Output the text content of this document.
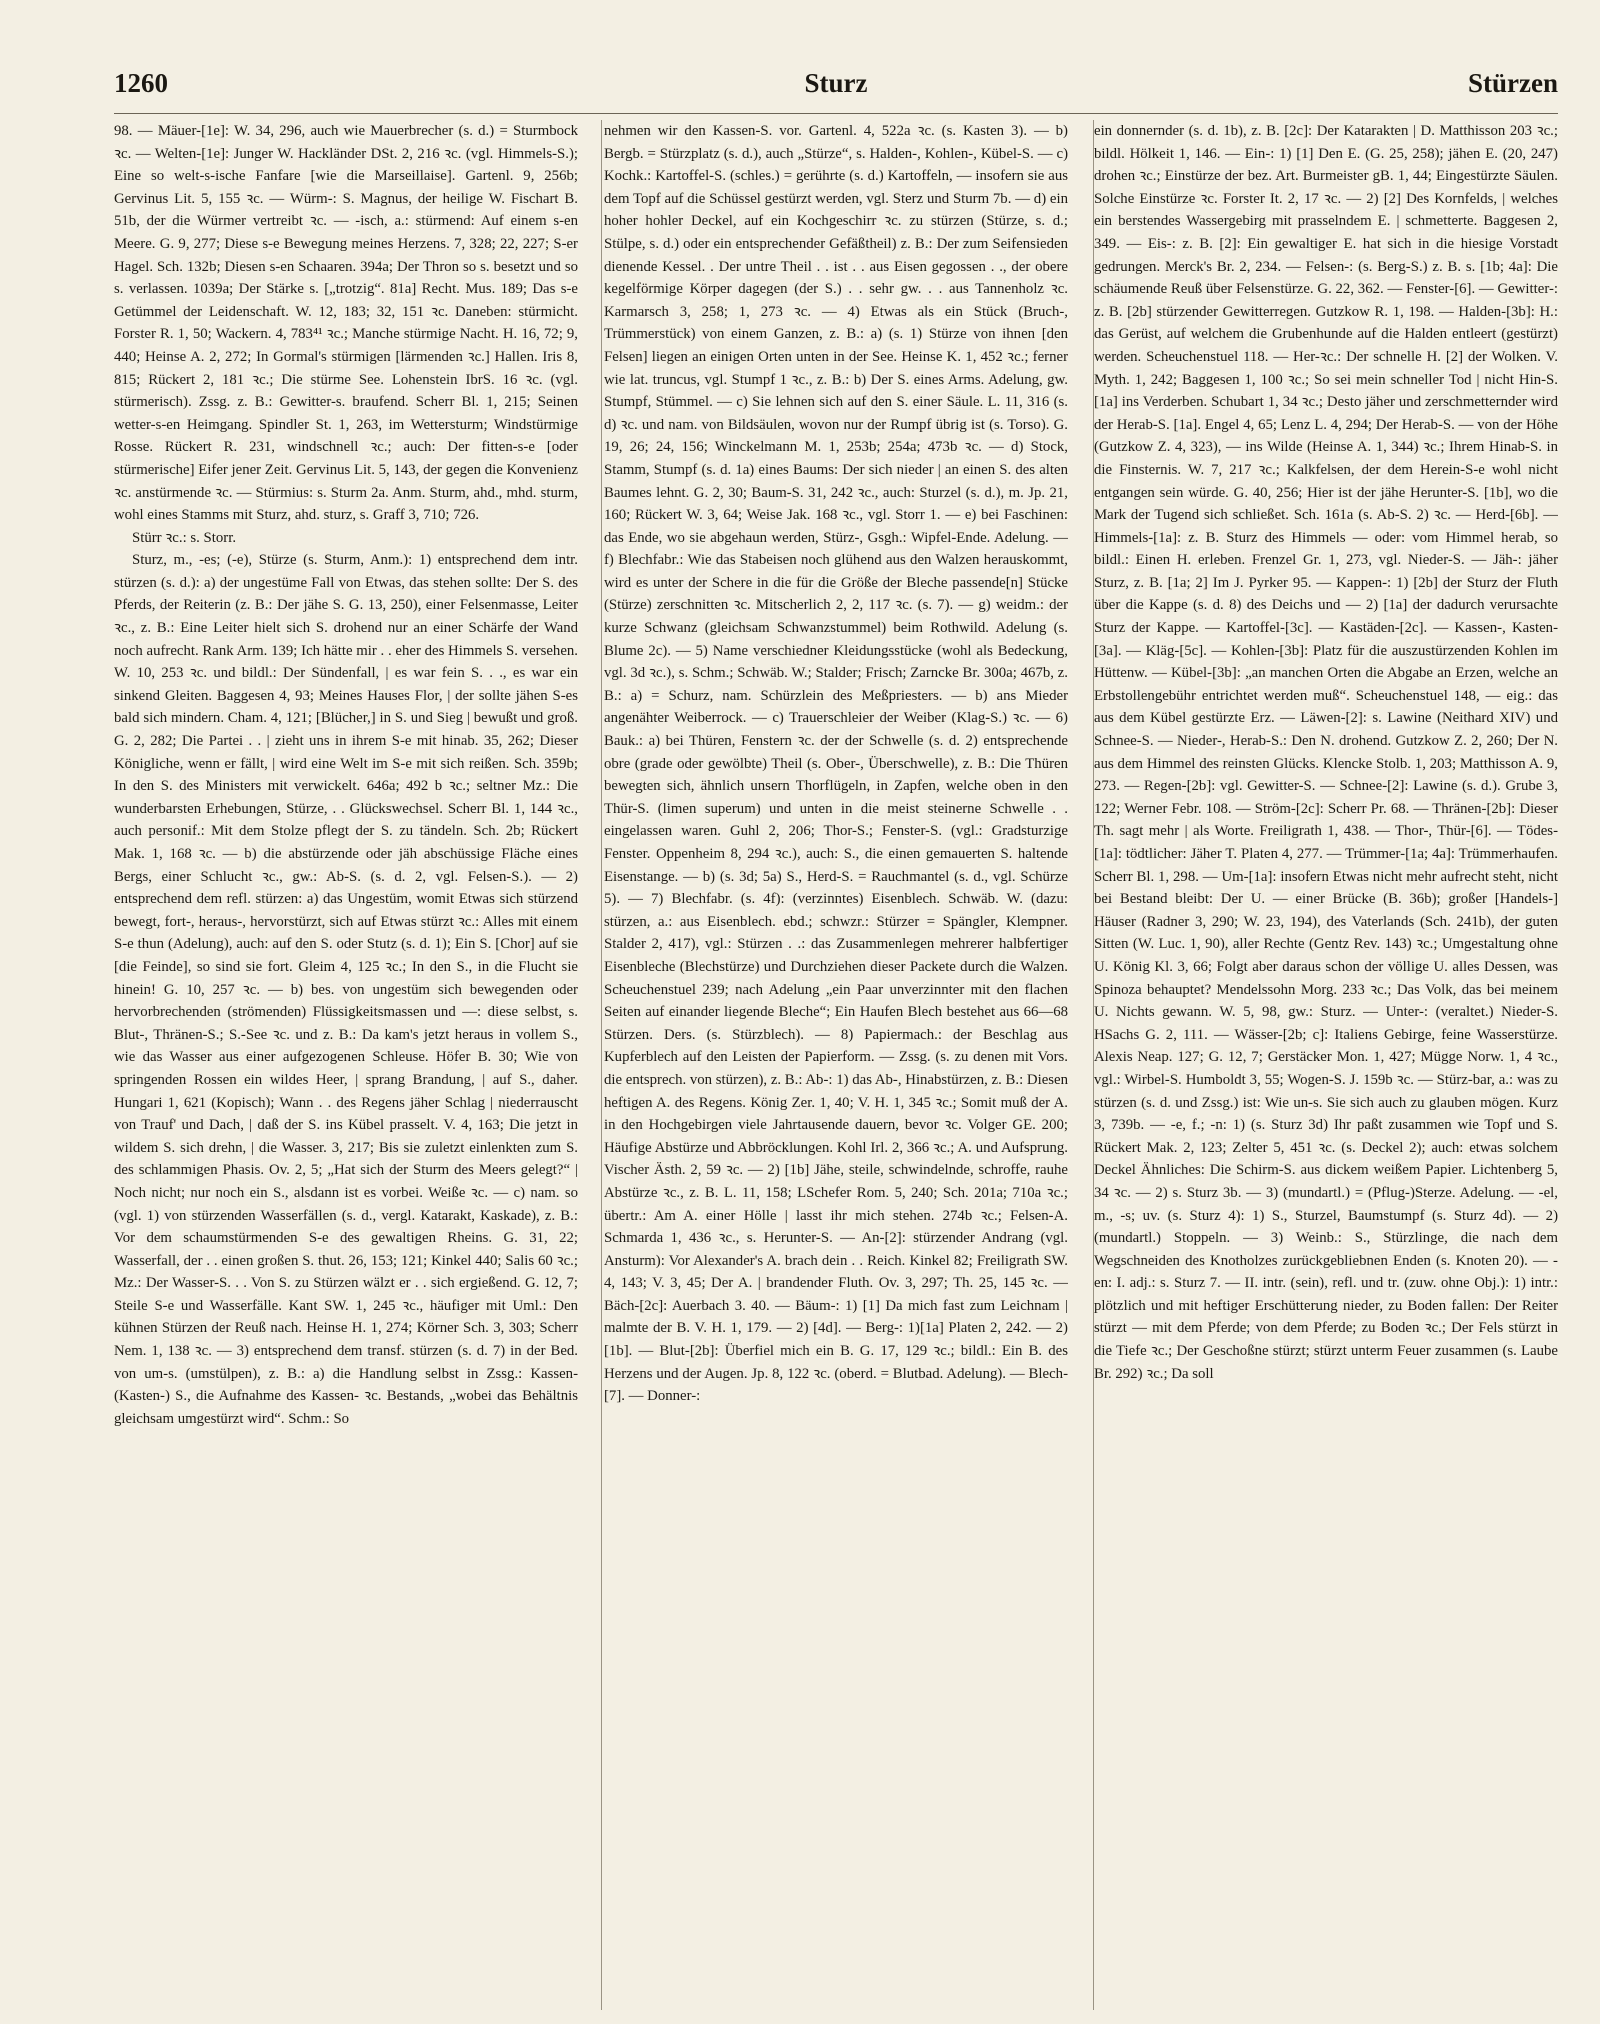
1260	Sturz	Stürzen

98. — Mäuer-[1e]: W. 34, 296, auch wie Mauerbrecher (s. d.) = Sturmbock ꝛc. — Welten-[1e]: Junger W. Hackländer DSt. 2, 216 ꝛc. (vgl. Himmels-S.); Eine so welt-s-ische Fanfare [wie die Marseillaise]. Gartenl. 9, 256b; Gervinus Lit. 5, 155 ꝛc. — Würm-: S. Magnus, der heilige W. Fischart B. 51b, der die Würmer vertreibt ꝛc. — -isch, a.: stürmend: Auf einem s-en Meere. G. 9, 277; Diese s-e Bewegung meines Herzens. 7, 328; 22, 227; S-er Hagel. Sch. 132b; Diesen s-en Schaaren. 394a; Der Thron so s. besetzt und so s. verlassen. 1039a; Der Stärke s. [„trotzig“. 81a] Recht. Mus. 189; Das s-e Getümmel der Leidenschaft. W. 12, 183; 32, 151 ꝛc. Daneben: stürmicht. Forster R. 1, 50; Wackern. 4, 783⁴¹ ꝛc.; Manche stürmige Nacht. H. 16, 72; 9, 440; Heinse A. 2, 272; In Gormal's stürmigen [lärmenden ꝛc.] Hallen. Iris 8, 815; Rückert 2, 181 ꝛc.; Die stürme See. Lohenstein IbrS. 16 ꝛc. (vgl. stürmerisch). Zssg. z. B.: Gewitter-s. braufend. Scherr Bl. 1, 215; Seinen wetter-s-en Heimgang. Spindler St. 1, 263, im Wettersturm; Windstürmige Rosse. Rückert R. 231, windschnell ꝛc.; auch: Der fitten-s-e [oder stürmerische] Eifer jener Zeit. Gervinus Lit. 5, 143, der gegen die Konvenienz ꝛc. anstürmende ꝛc. — Stürmius: s. Sturm 2a. Anm. Sturm, ahd., mhd. sturm, wohl eines Stamms mit Sturz, ahd. sturz, s. Graff 3, 710; 726.

Stürr ꝛc.: s. Storr.

Sturz, m., -es; (-e), Stürze (s. Sturm, Anm.): 1) entsprechend dem intr. stürzen (s. d.): a) der ungestüme Fall von Etwas, das stehen sollte: Der S. des Pferds, der Reiterin (z. B.: Der jähe S. G. 13, 250), einer Felsenmasse, Leiter ꝛc., z. B.: Eine Leiter hielt sich S. drohend nur an einer Schärfe der Wand noch aufrecht. Rank Arm. 139; Ich hätte mir . . eher des Himmels S. versehen. W. 10, 253 ꝛc. und bildl.: Der Sündenfall, | es war fein S. . ., es war ein sinkend Gleiten. Baggesen 4, 93; Meines Hauses Flor, | der sollte jähen S-es bald sich mindern. Cham. 4, 121; [Blücher,] in S. und Sieg | bewußt und groß. G. 2, 282; Die Partei . . | zieht uns in ihrem S-e mit hinab. 35, 262; Dieser Königliche, wenn er fällt, | wird eine Welt im S-e mit sich reißen. Sch. 359b; In den S. des Ministers mit verwickelt. 646a; 492 b ꝛc.; seltner Mz.: Die wunderbarsten Erhebungen, Stürze, . . Glückswechsel. Scherr Bl. 1, 144 ꝛc., auch personif.: Mit dem Stolze pflegt der S. zu tändeln. Sch. 2b; Rückert Mak. 1, 168 ꝛc. — b) die abstürzende oder jäh abschüssige Fläche eines Bergs, einer Schlucht ꝛc., gw.: Ab-S. (s. d. 2, vgl. Felsen-S.). — 2) entsprechend dem refl. stürzen: a) das Ungestüm, womit Etwas sich stürzend bewegt, fort-, heraus-, hervorstürzt, sich auf Etwas stürzt ꝛc.: Alles mit einem S-e thun (Adelung), auch: auf den S. oder Stutz (s. d. 1); Ein S. [Chor] auf sie [die Feinde], so sind sie fort. Gleim 4, 125 ꝛc.; In den S., in die Flucht sie hinein! G. 10, 257 ꝛc. — b) bes. von ungestüm sich bewegenden oder hervorbrechenden (strömenden) Flüssigkeitsmassen und —: diese selbst, s. Blut-, Thränen-S.; S.-See ꝛc. und z. B.: Da kam's jetzt heraus in vollem S., wie das Wasser aus einer aufgezogenen Schleuse. Höfer B. 30; Wie von springenden Rossen ein wildes Heer, | sprang Brandung, | auf S., daher. Hungari 1, 621 (Kopisch); Wann . . des Regens jäher Schlag | niederrauscht von Trauf' und Dach, | daß der S. ins Kübel prasselt. V. 4, 163; Die jetzt in wildem S. sich drehn, | die Wasser. 3, 217; Bis sie zuletzt einlenkten zum S. des schlammigen Phasis. Ov. 2, 5; „Hat sich der Sturm des Meers gelegt?“ | Noch nicht; nur noch ein S., alsdann ist es vorbei. Weiße ꝛc. — c) nam. so (vgl. 1) von stürzenden Wasserfällen (s. d., vergl. Katarakt, Kaskade), z. B.: Vor dem schaumstürmenden S-e des gewaltigen Rheins. G. 31, 22; Wasserfall, der . . einen großen S. thut. 26, 153; 121; Kinkel 440; Salis 60 ꝛc.; Mz.: Der Wasser-S. . . Von S. zu Stürzen wälzt er . . sich ergießend. G. 12, 7; Steile S-e und Wasserfälle. Kant SW. 1, 245 ꝛc., häufiger mit Uml.: Den kühnen Stürzen der Reuß nach. Heinse H. 1, 274; Körner Sch. 3, 303; Scherr Nem. 1, 138 ꝛc. — 3) entsprechend dem transf. stürzen (s. d. 7) in der Bed. von um-s. (umstülpen), z. B.: a) die Handlung selbst in Zssg.: Kassen- (Kasten-) S., die Aufnahme des Kassen- ꝛc. Bestands, „wobei das Behältnis gleichsam umgestürzt wird“. Schm.: So

nehmen wir den Kassen-S. vor. Gartenl. 4, 522a ꝛc. (s. Kasten 3). — b) Bergb. = Stürzplatz (s. d.), auch „Stürze“, s. Halden-, Kohlen-, Kübel-S. — c) Kochk.: Kartoffel-S. (schles.) = gerührte (s. d.) Kartoffeln, — insofern sie aus dem Topf auf die Schüssel gestürzt werden, vgl. Sterz und Sturm 7b. — d) ein hoher hohler Deckel, auf ein Kochgeschirr ꝛc. zu stürzen (Stürze, s. d.; Stülpe, s. d.) oder ein entsprechender Gefäßtheil) z. B.: Der zum Seifensieden dienende Kessel. . Der untre Theil . . ist . . aus Eisen gegossen . ., der obere kegelförmige Körper dagegen (der S.) . . sehr gw. . . aus Tannenholz ꝛc. Karmarsch 3, 258; 1, 273 ꝛc. — 4) Etwas als ein Stück (Bruch-, Trümmerstück) von einem Ganzen, z. B.: a) (s. 1) Stürze von ihnen [den Felsen] liegen an einigen Orten unten in der See. Heinse K. 1, 452 ꝛc.; ferner wie lat. truncus, vgl. Stumpf 1 ꝛc., z. B.: b) Der S. eines Arms. Adelung, gw. Stumpf, Stümmel. — c) Sie lehnen sich auf den S. einer Säule. L. 11, 316 (s. d) ꝛc. und nam. von Bildsäulen, wovon nur der Rumpf übrig ist (s. Torso). G. 19, 26; 24, 156; Winckelmann M. 1, 253b; 254a; 473b ꝛc. — d) Stock, Stamm, Stumpf (s. d. 1a) eines Baums: Der sich nieder | an einen S. des alten Baumes lehnt. G. 2, 30; Baum-S. 31, 242 ꝛc., auch: Sturzel (s. d.), m. Jp. 21, 160; Rückert W. 3, 64; Weise Jak. 168 ꝛc., vgl. Storr 1. — e) bei Faschinen: das Ende, wo sie abgehaun werden, Stürz-, Gsgh.: Wipfel-Ende. Adelung. — f) Blechfabr.: Wie das Stabeisen noch glühend aus den Walzen herauskommt, wird es unter der Schere in die für die Größe der Bleche passende[n] Stücke (Stürze) zerschnitten ꝛc. Mitscherlich 2, 2, 117 ꝛc. (s. 7). — g) weidm.: der kurze Schwanz (gleichsam Schwanzstummel) beim Rothwild. Adelung (s. Blume 2c). — 5) Name verschiedner Kleidungsstücke (wohl als Bedeckung, vgl. 3d ꝛc.), s. Schm.; Schwäb. W.; Stalder; Frisch; Zarncke Br. 300a; 467b, z. B.: a) = Schurz, nam. Schürzlein des Meßpriesters. — b) ans Mieder angenähter Weiberrock. — c) Trauerschleier der Weiber (Klag-S.) ꝛc. — 6) Bauk.: a) bei Thüren, Fenstern ꝛc. der der Schwelle (s. d. 2) entsprechende obre (grade oder gewölbte) Theil (s. Ober-, Überschwelle), z. B.: Die Thüren bewegten sich, ähnlich unsern Thorflügeln, in Zapfen, welche oben in den Thür-S. (limen superum) und unten in die meist steinerne Schwelle . . eingelassen waren. Guhl 2, 206; Thor-S.; Fenster-S. (vgl.: Gradsturzige Fenster. Oppenheim 8, 294 ꝛc.), auch: S., die einen gemauerten S. haltende Eisenstange. — b) (s. 3d; 5a) S., Herd-S. = Rauchmantel (s. d., vgl. Schürze 5). — 7) Blechfabr. (s. 4f): (verzinntes) Eisenblech. Schwäb. W. (dazu: stürzen, a.: aus Eisenblech. ebd.; schwzr.: Stürzer = Spängler, Klempner. Stalder 2, 417), vgl.: Stürzen . .: das Zusammenlegen mehrerer halbfertiger Eisenbleche (Blechstürze) und Durchziehen dieser Packete durch die Walzen. Scheuchenstuel 239; nach Adelung „ein Paar unverzinnter mit den flachen Seiten auf einander liegende Bleche“; Ein Haufen Blech bestehet aus 66—68 Stürzen. Ders. (s. Stürzblech). — 8) Papiermach.: der Beschlag aus Kupferblech auf den Leisten der Papierform. — Zssg. (s. zu denen mit Vors. die entsprech. von stürzen), z. B.: Ab-: 1) das Ab-, Hinabstürzen, z. B.: Diesen heftigen A. des Regens. König Zer. 1, 40; V. H. 1, 345 ꝛc.; Somit muß der A. in den Hochgebirgen viele Jahrtausende dauern, bevor ꝛc. Volger GE. 200; Häufige Abstürze und Abbröcklungen. Kohl Irl. 2, 366 ꝛc.; A. und Aufsprung. Vischer Ästh. 2, 59 ꝛc. — 2) [1b] Jähe, steile, schwindelnde, schroffe, rauhe Abstürze ꝛc., z. B. L. 11, 158; LSchefer Rom. 5, 240; Sch. 201a; 710a ꝛc.; übertr.: Am A. einer Hölle | lasst ihr mich stehen. 274b ꝛc.; Felsen-A. Schmarda 1, 436 ꝛc., s. Herunter-S. — An-[2]: stürzender Andrang (vgl. Ansturm): Vor Alexander's A. brach dein . . Reich. Kinkel 82; Freiligrath SW. 4, 143; V. 3, 45; Der A. | brandender Fluth. Ov. 3, 297; Th. 25, 145 ꝛc. — Bäch-[2c]: Auerbach 3. 40. — Bäum-: 1) [1] Da mich fast zum Leichnam | malmte der B. V. H. 1, 179. — 2) [4d]. — Berg-: 1)[1a] Platen 2, 242. — 2) [1b]. — Blut-[2b]: Überfiel mich ein B. G. 17, 129 ꝛc.; bildl.: Ein B. des Herzens und der Augen. Jp. 8, 122 ꝛc. (oberd. = Blutbad. Adelung). — Blech-[7]. — Donner-:

ein donnernder (s. d. 1b), z. B. [2c]: Der Katarakten | D. Matthisson 203 ꝛc.; bildl. Hölkeit 1, 146. — Ein-: 1) [1] Den E. (G. 25, 258); jähen E. (20, 247) drohen ꝛc.; Einstürze der bez. Art. Burmeister gB. 1, 44; Eingestürzte Säulen. Solche Einstürze ꝛc. Forster It. 2, 17 ꝛc. — 2) [2] Des Kornfelds, | welches ein berstendes Wassergebirg mit prasselndem E. | schmetterte. Baggesen 2, 349. — Eis-: z. B. [2]: Ein gewaltiger E. hat sich in die hiesige Vorstadt gedrungen. Merck's Br. 2, 234. — Felsen-: (s. Berg-S.) z. B. s. [1b; 4a]: Die schäumende Reuß über Felsenstürze. G. 22, 362. — Fenster-[6]. — Gewitter-: z. B. [2b] stürzender Gewitterregen. Gutzkow R. 1, 198. — Halden-[3b]: H.: das Gerüst, auf welchem die Grubenhunde auf die Halden entleert (gestürzt) werden. Scheuchenstuel 118. — Her-ꝛc.: Der schnelle H. [2] der Wolken. V. Myth. 1, 242; Baggesen 1, 100 ꝛc.; So sei mein schneller Tod | nicht Hin-S. [1a] ins Verderben. Schubart 1, 34 ꝛc.; Desto jäher und zerschmetternder wird der Herab-S. [1a]. Engel 4, 65; Lenz L. 4, 294; Der Herab-S. — von der Höhe (Gutzkow Z. 4, 323), — ins Wilde (Heinse A. 1, 344) ꝛc.; Ihrem Hinab-S. in die Finsternis. W. 7, 217 ꝛc.; Kalkfelsen, der dem Herein-S-e wohl nicht entgangen sein würde. G. 40, 256; Hier ist der jähe Herunter-S. [1b], wo die Mark der Tugend sich schließet. Sch. 161a (s. Ab-S. 2) ꝛc. — Herd-[6b]. — Himmels-[1a]: z. B. Sturz des Himmels — oder: vom Himmel herab, so bildl.: Einen H. erleben. Frenzel Gr. 1, 273, vgl. Nieder-S. — Jäh-: jäher Sturz, z. B. [1a; 2] Im J. Pyrker 95. — Kappen-: 1) [2b] der Sturz der Fluth über die Kappe (s. d. 8) des Deichs und — 2) [1a] der dadurch verursachte Sturz der Kappe. — Kartoffel-[3c]. — Kastäden-[2c]. — Kassen-, Kasten-[3a]. — Kläg-[5c]. — Kohlen-[3b]: Platz für die auszustürzenden Kohlen im Hüttenw. — Kübel-[3b]: „an manchen Orten die Abgabe an Erzen, welche an Erbstollengebühr entrichtet werden muß“. Scheuchenstuel 148, — eig.: das aus dem Kübel gestürzte Erz. — Läwen-[2]: s. Lawine (Neithard XIV) und Schnee-S. — Nieder-, Herab-S.: Den N. drohend. Gutzkow Z. 2, 260; Der N. aus dem Himmel des reinsten Glücks. Klencke Stolb. 1, 203; Matthisson A. 9, 273. — Regen-[2b]: vgl. Gewitter-S. — Schnee-[2]: Lawine (s. d.). Grube 3, 122; Werner Febr. 108. — Ström-[2c]: Scherr Pr. 68. — Thränen-[2b]: Dieser Th. sagt mehr | als Worte. Freiligrath 1, 438. — Thor-, Thür-[6]. — Tödes-[1a]: tödtlicher: Jäher T. Platen 4, 277. — Trümmer-[1a; 4a]: Trümmerhaufen. Scherr Bl. 1, 298. — Um-[1a]: insofern Etwas nicht mehr aufrecht steht, nicht bei Bestand bleibt: Der U. — einer Brücke (B. 36b); großer [Handels-] Häuser (Radner 3, 290; W. 23, 194), des Vaterlands (Sch. 241b), der guten Sitten (W. Luc. 1, 90), aller Rechte (Gentz Rev. 143) ꝛc.; Umgestaltung ohne U. König Kl. 3, 66; Folgt aber daraus schon der völlige U. alles Dessen, was Spinoza behauptet? Mendelssohn Morg. 233 ꝛc.; Das Volk, das bei meinem U. Nichts gewann. W. 5, 98, gw.: Sturz. — Unter-: (veraltet.) Nieder-S. HSachs G. 2, 111. — Wässer-[2b; c]: Italiens Gebirge, feine Wasserstürze. Alexis Neap. 127; G. 12, 7; Gerstäcker Mon. 1, 427; Mügge Norw. 1, 4 ꝛc., vgl.: Wirbel-S. Humboldt 3, 55; Wogen-S. J. 159b ꝛc. — Stürz-bar, a.: was zu stürzen (s. d. und Zssg.) ist: Wie un-s. Sie sich auch zu glauben mögen. Kurz 3, 739b. — -e, f.; -n: 1) (s. Sturz 3d) Ihr paßt zusammen wie Topf und S. Rückert Mak. 2, 123; Zelter 5, 451 ꝛc. (s. Deckel 2); auch: etwas solchem Deckel Ähnliches: Die Schirm-S. aus dickem weißem Papier. Lichtenberg 5, 34 ꝛc. — 2) s. Sturz 3b. — 3) (mundartl.) = (Pflug-)Sterze. Adelung. — -el, m., -s; uv. (s. Sturz 4): 1) S., Sturzel, Baumstumpf (s. Sturz 4d). — 2) (mundartl.) Stoppeln. — 3) Weinb.: S., Stürzlinge, die nach dem Wegschneiden des Knotholzes zurückgebliebnen Enden (s. Knoten 20). — -en: I. adj.: s. Sturz 7. — II. intr. (sein), refl. und tr. (zuw. ohne Obj.): 1) intr.: plötzlich und mit heftiger Erschütterung nieder, zu Boden fallen: Der Reiter stürzt — mit dem Pferde; von dem Pferde; zu Boden ꝛc.; Der Fels stürzt in die Tiefe ꝛc.; Der Geschoßne stürzt; stürzt unterm Feuer zusammen (s. Laube Br. 292) ꝛc.; Da soll
